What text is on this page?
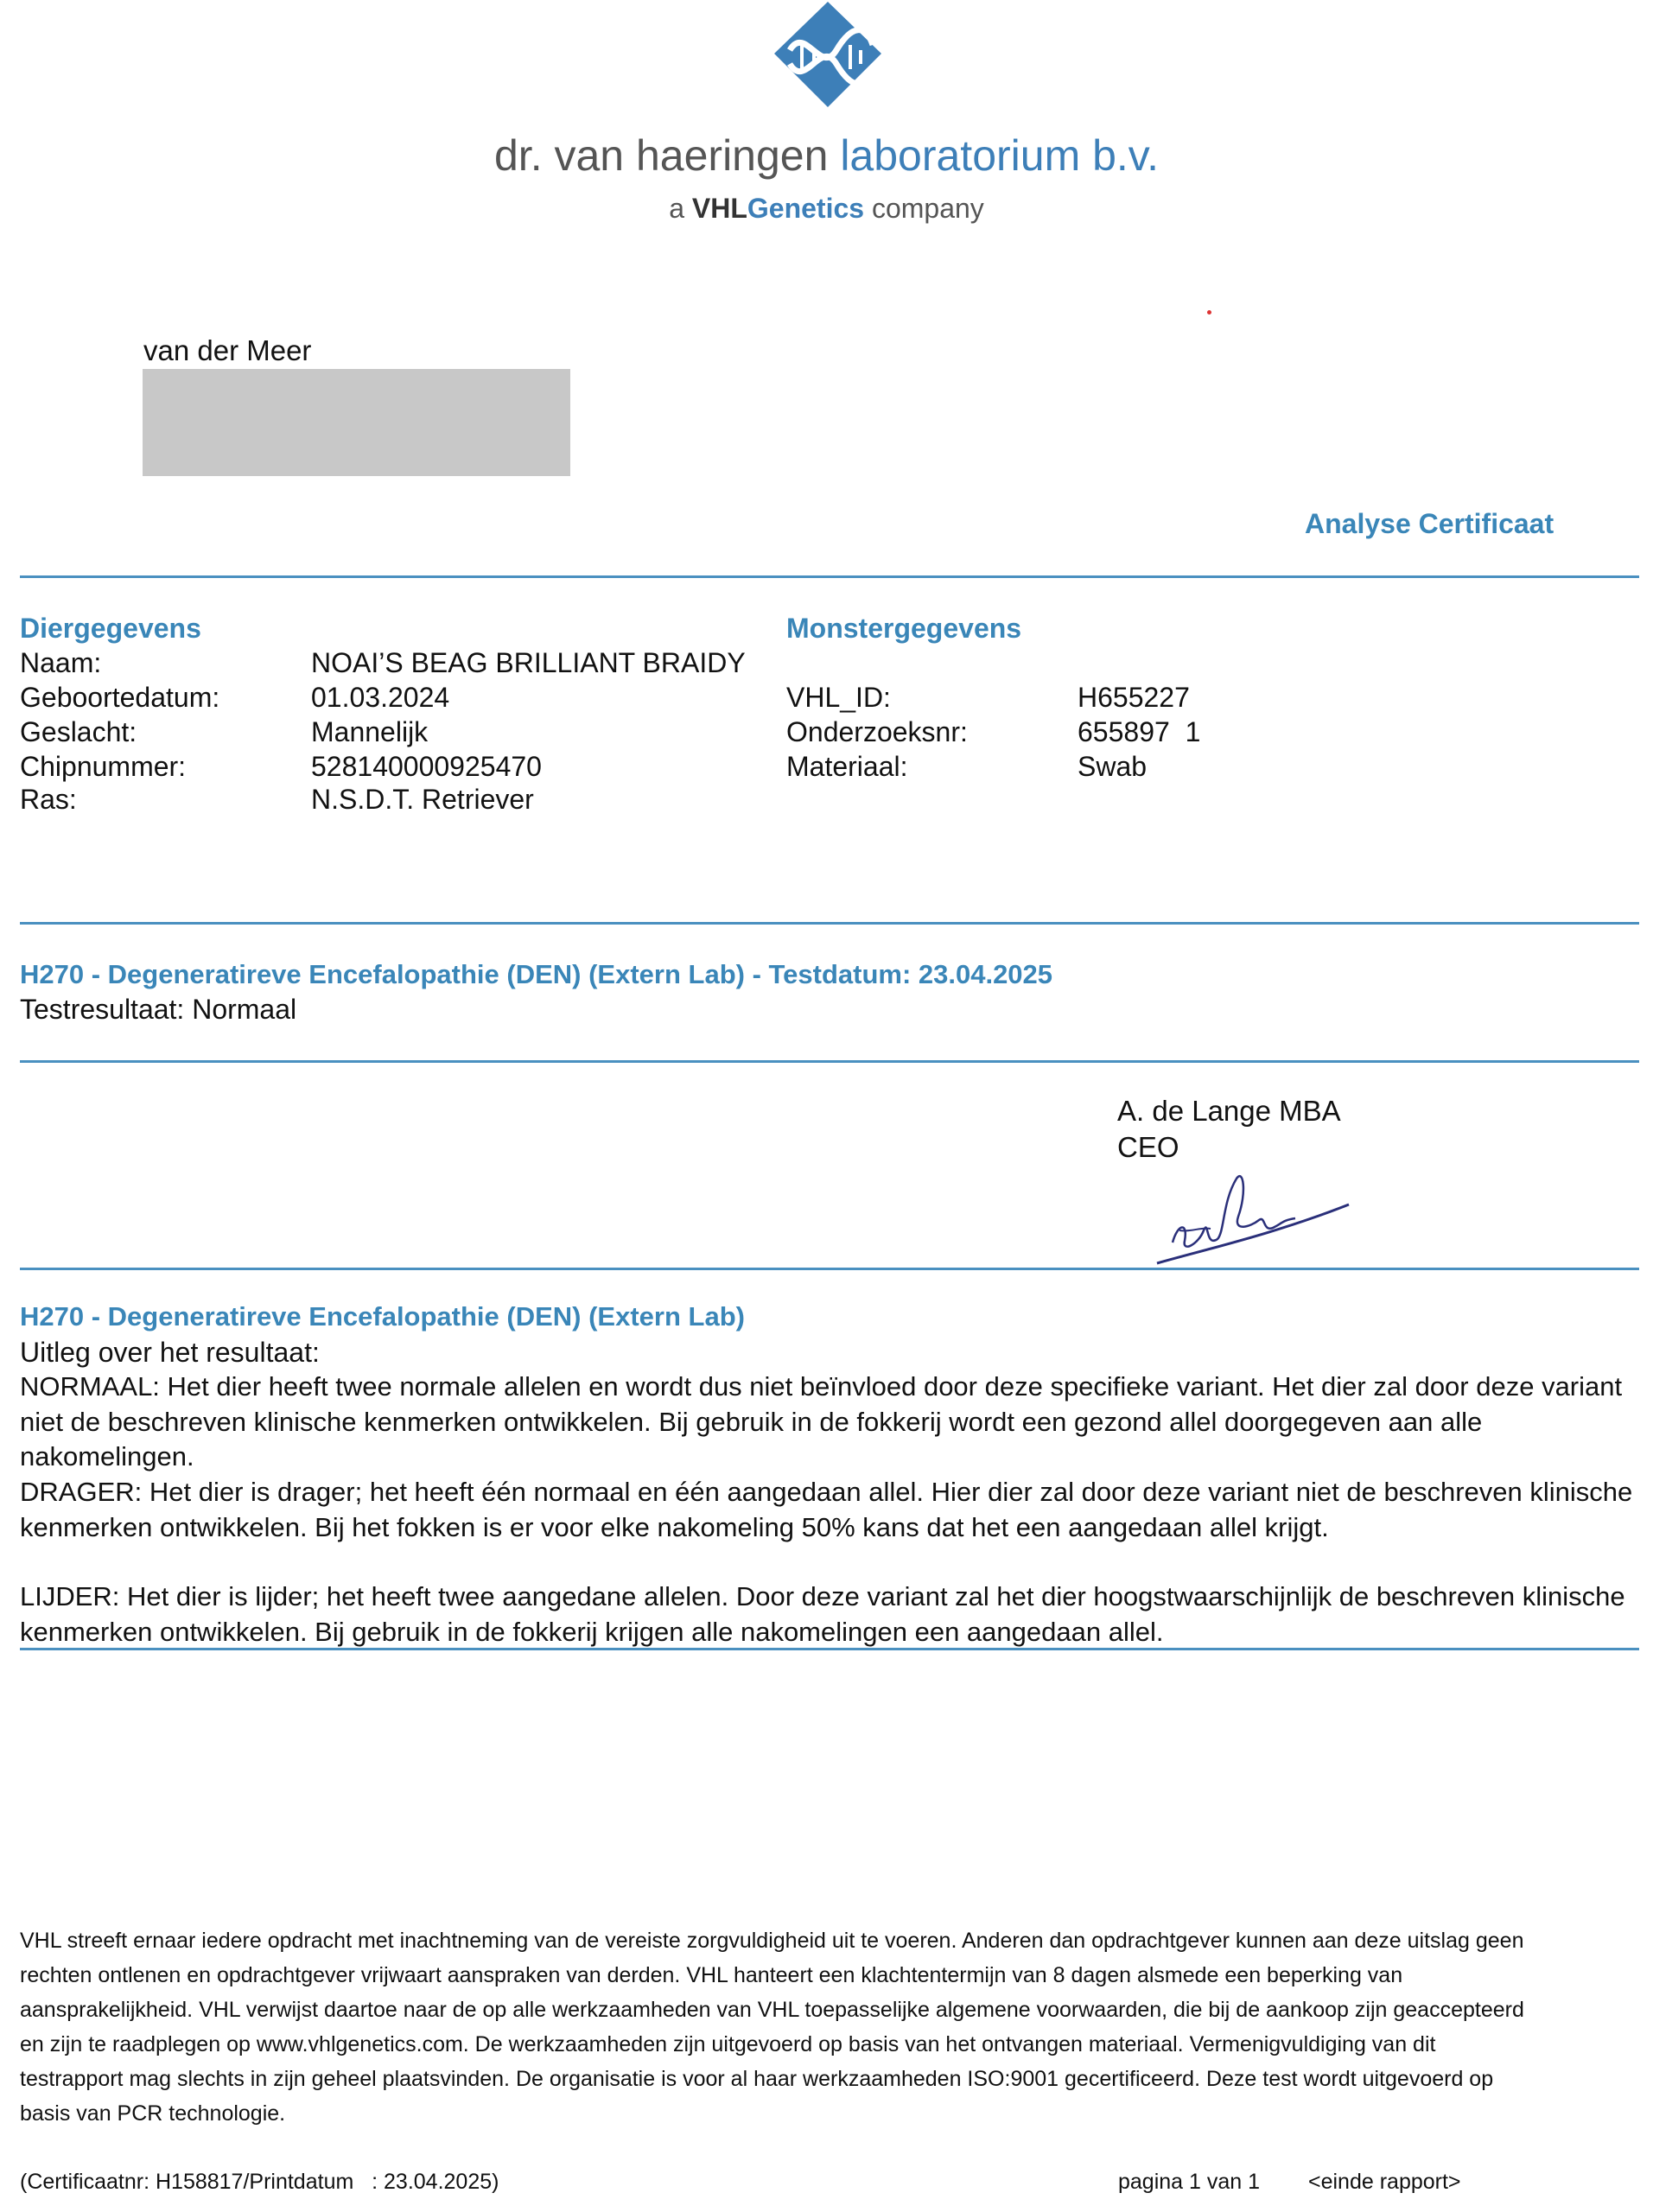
dr. van haeringen laboratorium b.v.
a VHLGenetics company
van der Meer
Analyse Certificaat
Diergegevens
Naam:	NOAI’S BEAG BRILLIANT BRAIDY
Geboortedatum:	01.03.2024
Geslacht:	Mannelijk
Chipnummer:	528140000925470
Ras:	N.S.D.T. Retriever
Monstergegevens
VHL_ID:	H655227
Onderzoeksnr:	655897  1
Materiaal:	Swab
H270 - Degeneratireve Encefalopathie (DEN) (Extern Lab) - Testdatum: 23.04.2025
Testresultaat: Normaal
A. de Lange MBA
CEO
H270 - Degeneratireve Encefalopathie (DEN) (Extern Lab)
Uitleg over het resultaat:
NORMAAL: Het dier heeft twee normale allelen en wordt dus niet beïnvloed door deze specifieke variant. Het dier zal door deze variant niet de beschreven klinische kenmerken ontwikkelen. Bij gebruik in de fokkerij wordt een gezond allel doorgegeven aan alle nakomelingen.
DRAGER: Het dier is drager; het heeft één normaal en één aangedaan allel. Hier dier zal door deze variant niet de beschreven klinische kenmerken ontwikkelen. Bij het fokken is er voor elke nakomeling 50% kans dat het een aangedaan allel krijgt.
LIJDER: Het dier is lijder; het heeft twee aangedane allelen. Door deze variant zal het dier hoogstwaarschijnlijk de beschreven klinische kenmerken ontwikkelen. Bij gebruik in de fokkerij krijgen alle nakomelingen een aangedaan allel.
VHL streeft ernaar iedere opdracht met inachtneming van de vereiste zorgvuldigheid uit te voeren. Anderen dan opdrachtgever kunnen aan deze uitslag geen rechten ontlenen en opdrachtgever vrijwaart aanspraken van derden. VHL hanteert een klachtentermijn van 8 dagen alsmede een beperking van aansprakelijkheid. VHL verwijst daartoe naar de op alle werkzaamheden van VHL toepasselijke algemene voorwaarden, die bij de aankoop zijn geaccepteerd en zijn te raadplegen op www.vhlgenetics.com. De werkzaamheden zijn uitgevoerd op basis van het ontvangen materiaal. Vermenigvuldiging van dit testrapport mag slechts in zijn geheel plaatsvinden. De organisatie is voor al haar werkzaamheden ISO:9001 gecertificeerd. Deze test wordt uitgevoerd op basis van PCR technologie.
(Certificaatnr: H158817/Printdatum   : 23.04.2025)	pagina 1 van 1 <einde rapport>
